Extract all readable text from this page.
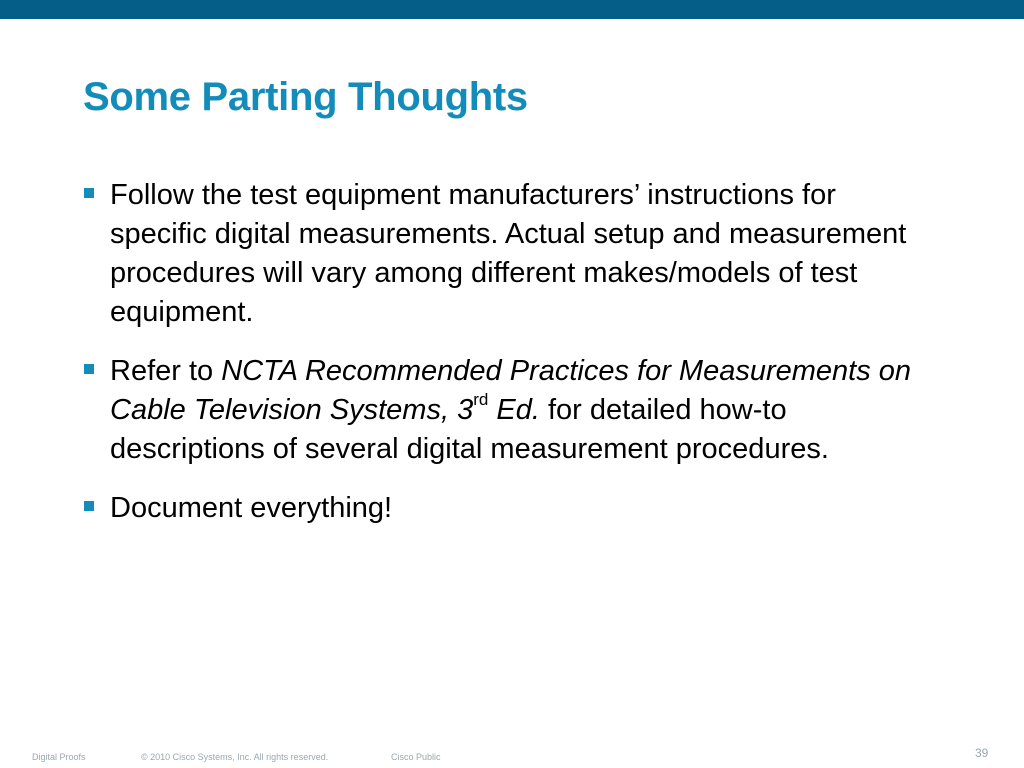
Some Parting Thoughts
Follow the test equipment manufacturers’ instructions for specific digital measurements. Actual setup and measurement procedures will vary among different makes/models of test equipment.
Refer to NCTA Recommended Practices for Measurements on Cable Television Systems, 3rd Ed. for detailed how-to descriptions of several digital measurement procedures.
Document everything!
Digital Proofs	© 2010 Cisco Systems, Inc. All rights reserved.	Cisco Public	39
